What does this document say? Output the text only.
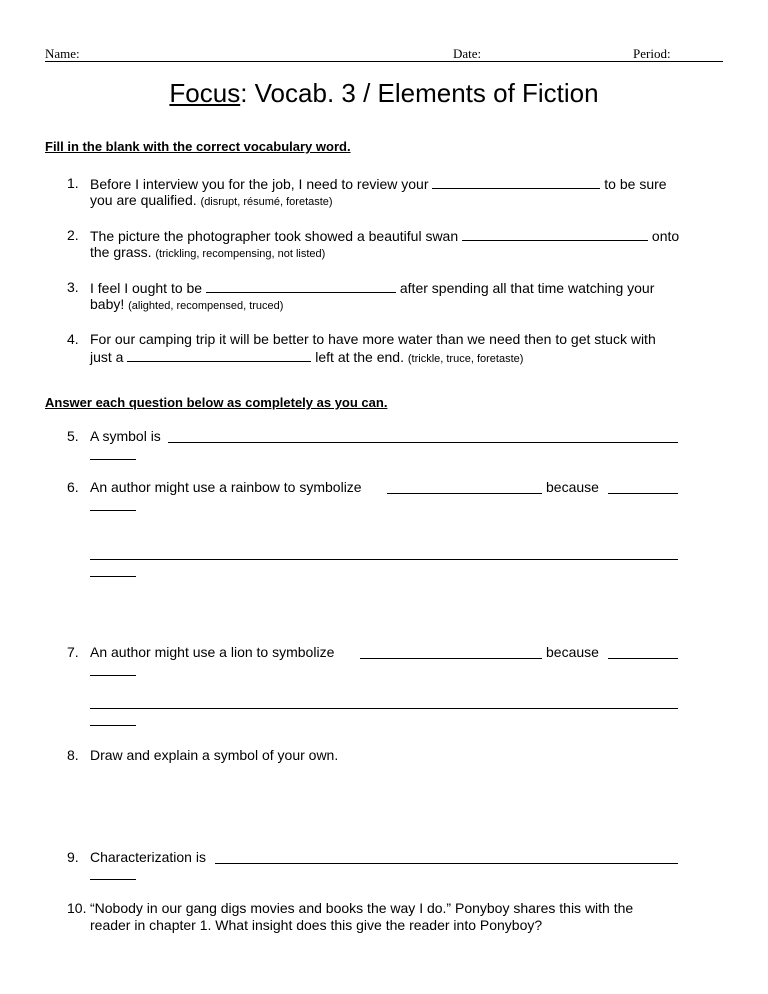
Name:	Date:	Period:
Focus: Vocab. 3 / Elements of Fiction
Fill in the blank with the correct vocabulary word.
1. Before I interview you for the job, I need to review your	to be sure
you are qualified. (disrupt, résumé, foretaste)
2. The picture the photographer took showed a beautiful swan	onto
the grass. (trickling, recompensing, not listed)
3. I feel I ought to be	after spending all that time watching your
baby! (alighted, recompensed, truced)
4. For our camping trip it will be better to have more water than we need then to get stuck with
just a	left at the end. (trickle, truce, foretaste)
Answer each question below as completely as you can.
5. A symbol is
6. An author might use a rainbow to symbolize	because
7. An author might use a lion to symbolize	because
8. Draw and explain a symbol of your own.
9. Characterization is
10. “Nobody in our gang digs movies and books the way I do.” Ponyboy shares this with the
reader in chapter 1. What insight does this give the reader into Ponyboy?
